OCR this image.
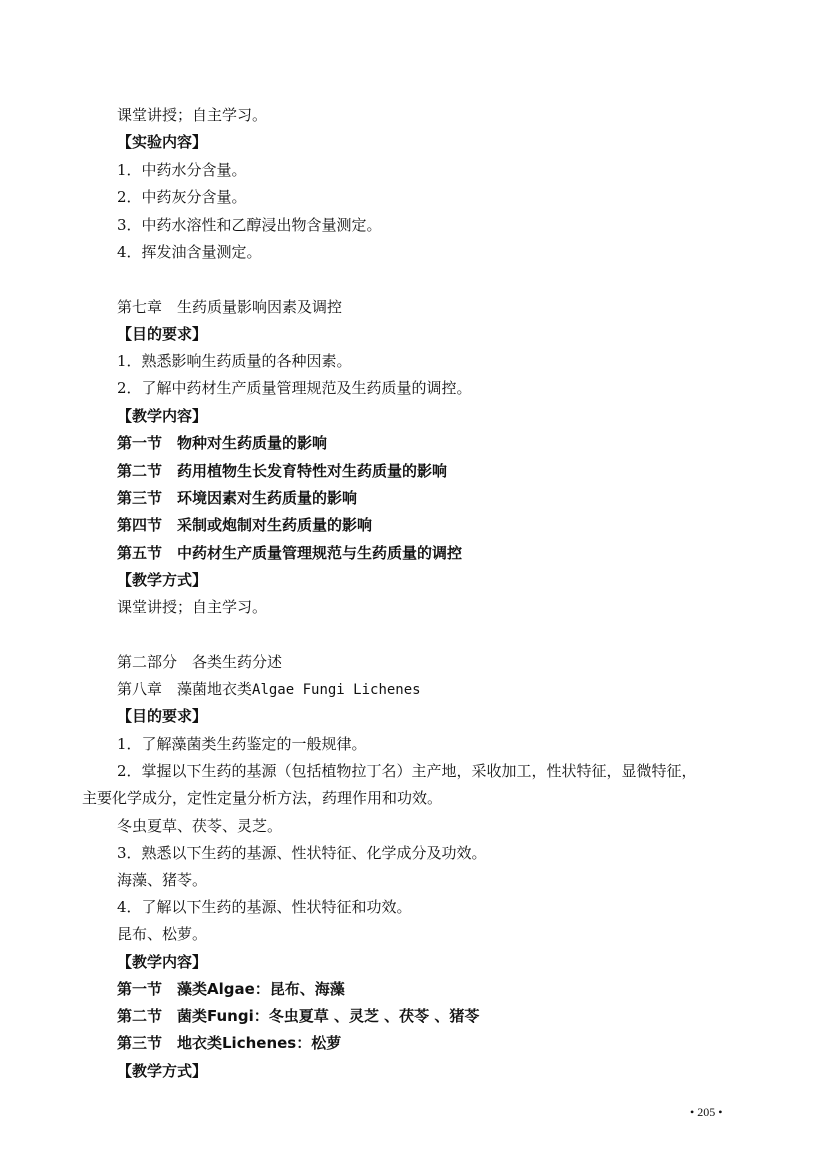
课堂讲授；自主学习。
【实验内容】
1．中药水分含量。
2．中药灰分含量。
3．中药水溶性和乙醇浸出物含量测定。
4．挥发油含量测定。
第七章　生药质量影响因素及调控
【目的要求】
1．熟悉影响生药质量的各种因素。
2．了解中药材生产质量管理规范及生药质量的调控。
【教学内容】
第一节　物种对生药质量的影响
第二节　药用植物生长发育特性对生药质量的影响
第三节　环境因素对生药质量的影响
第四节　采制或炮制对生药质量的影响
第五节　中药材生产质量管理规范与生药质量的调控
【教学方式】
课堂讲授；自主学习。
第二部分　各类生药分述
第八章　藻菌地衣类Algae Fungi Lichenes
【目的要求】
1．了解藻菌类生药鉴定的一般规律。
2．掌握以下生药的基源（包括植物拉丁名）主产地，采收加工，性状特征，显微特征，
主要化学成分，定性定量分析方法，药理作用和功效。
冬虫夏草、茯苓、灵芝。
3．熟悉以下生药的基源、性状特征、化学成分及功效。
海藻、猪苓。
4．了解以下生药的基源、性状特征和功效。
昆布、松萝。
【教学内容】
第一节　藻类Algae：昆布、海藻
第二节　菌类Fungi：冬虫夏草 、灵芝 、茯苓 、猪苓
第三节　地衣类Lichenes：松萝
【教学方式】
• 205 •
